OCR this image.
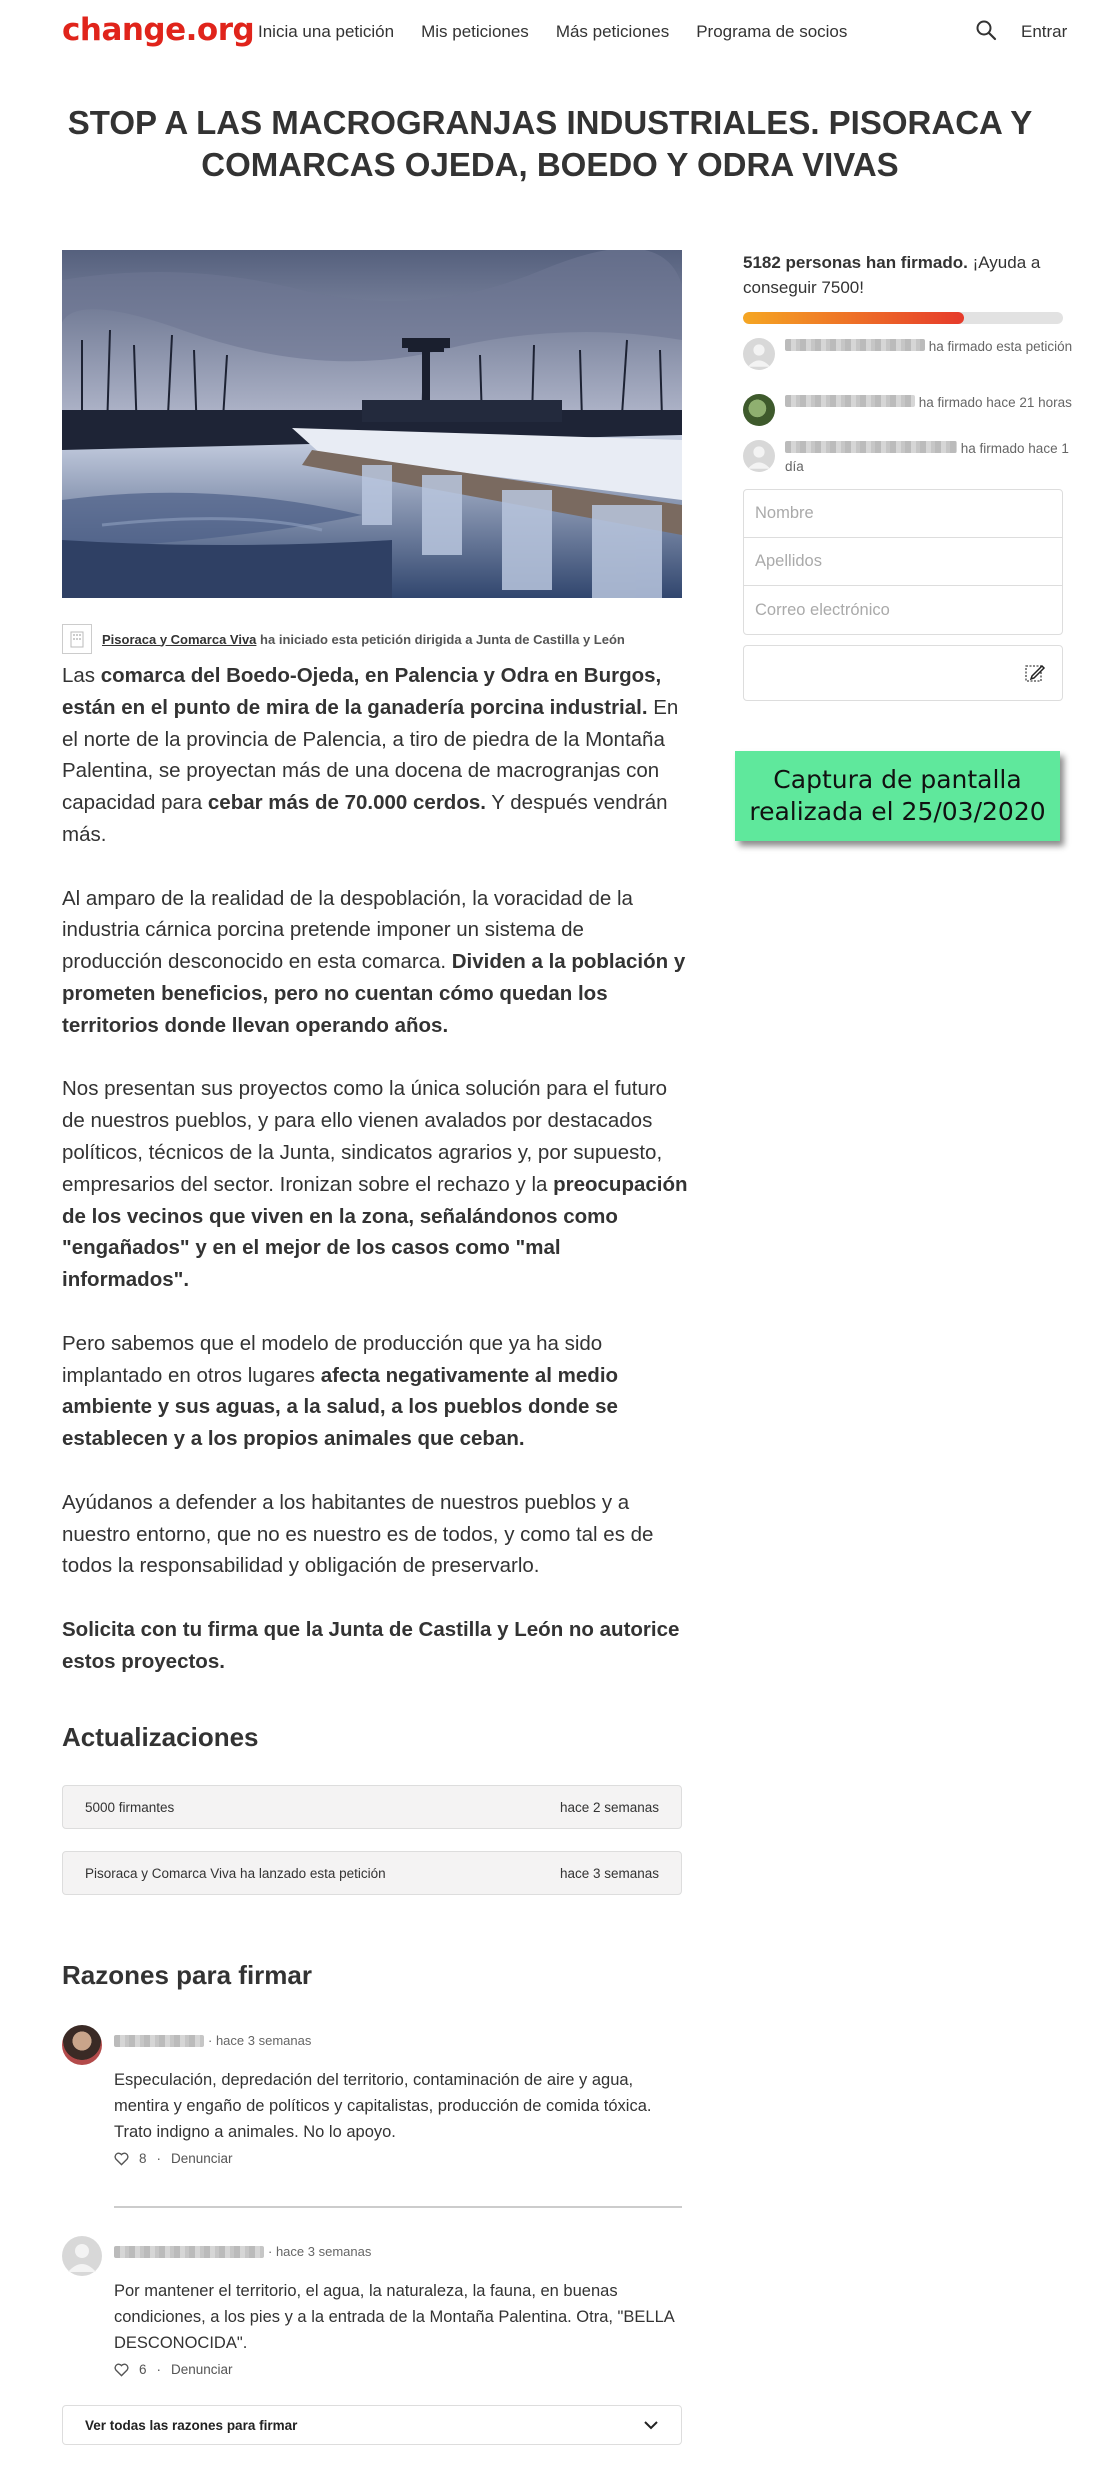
change.org Inicia una petición Mis peticiones Más peticiones Programa de socios	Entrar
STOP A LAS MACROGRANJAS INDUSTRIALES. PISORACA Y COMARCAS OJEDA, BOEDO Y ODRA VIVAS
Pisoraca y Comarca Viva ha iniciado esta petición dirigida a Junta de Castilla y León

Las comarca del Boedo-Ojeda, en Palencia y Odra en Burgos, están en el punto de mira de la ganadería porcina industrial. En el norte de la provincia de Palencia, a tiro de piedra de la Montaña Palentina, se proyectan más de una docena de macrogranjas con capacidad para cebar más de 70.000 cerdos. Y después vendrán más.

Al amparo de la realidad de la despoblación, la voracidad de la industria cárnica porcina pretende imponer un sistema de producción desconocido en esta comarca. Dividen a la población y prometen beneficios, pero no cuentan cómo quedan los territorios donde llevan operando años.

Nos presentan sus proyectos como la única solución para el futuro de nuestros pueblos, y para ello vienen avalados por destacados políticos, técnicos de la Junta, sindicatos agrarios y, por supuesto, empresarios del sector. Ironizan sobre el rechazo y la preocupación de los vecinos que viven en la zona, señalándonos como "engañados" y en el mejor de los casos como "mal informados".

Pero sabemos que el modelo de producción que ya ha sido implantado en otros lugares afecta negativamente al medio ambiente y sus aguas, a la salud, a los pueblos donde se establecen y a los propios animales que ceban.

Ayúdanos a defender a los habitantes de nuestros pueblos y a nuestro entorno, que no es nuestro es de todos, y como tal es de todos la responsabilidad y obligación de preservarlo.

Solicita con tu firma que la Junta de Castilla y León no autorice estos proyectos.

Actualizaciones
5000 firmantes	hace 2 semanas
Pisoraca y Comarca Viva ha lanzado esta petición	hace 3 semanas
Razones para firmar
· hace 3 semanas
Especulación, depredación del territorio, contaminación de aire y agua, mentira y engaño de políticos y capitalistas, producción de comida tóxica. Trato indigno a animales. No lo apoyo.
8 · Denunciar
· hace 3 semanas
Por mantener el territorio, el agua, la naturaleza, la fauna, en buenas condiciones, a los pies y a la entrada de la Montaña Palentina. Otra, "BELLA DESCONOCIDA".
6 · Denunciar
Ver todas las razones para firmar
5182 personas han firmado. ¡Ayuda a conseguir 7500!
ha firmado esta petición
ha firmado hace 21 horas
ha firmado hace 1 día
Nombre
Apellidos
Correo electrónico
Captura de pantalla
realizada el 25/03/2020
